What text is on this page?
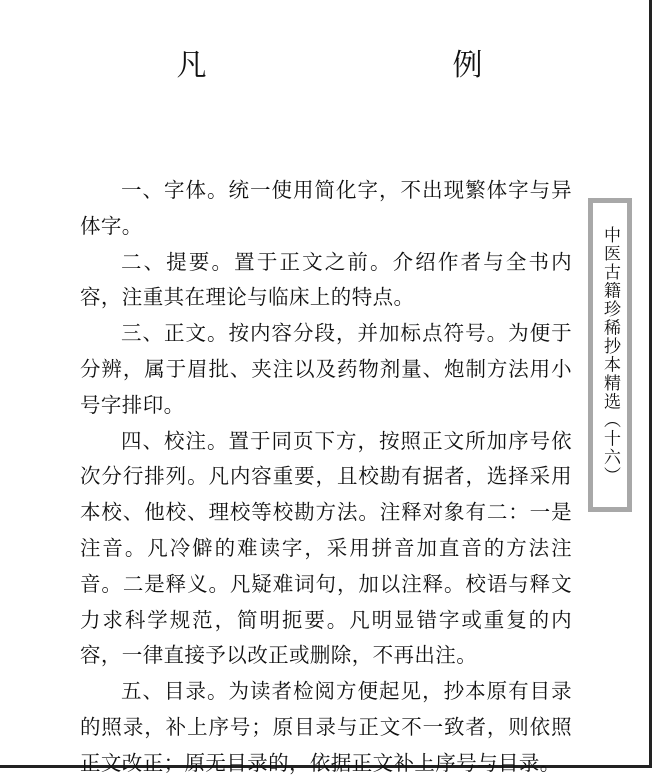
凡　　例

一、字体。统一使用简化字，不出现繁体字与异体字。

二、提要。置于正文之前。介绍作者与全书内容，注重其在理论与临床上的特点。

三、正文。按内容分段，并加标点符号。为便于分辨，属于眉批、夹注以及药物剂量、炮制方法用小号字排印。

四、校注。置于同页下方，按照正文所加序号依次分行排列。凡内容重要，且校勘有据者，选择采用本校、他校、理校等校勘方法。注释对象有二：一是注音。凡冷僻的难读字，采用拼音加直音的方法注音。二是释义。凡疑难词句，加以注释。校语与释文力求科学规范，简明扼要。凡明显错字或重复的内容，一律直接予以改正或删除，不再出注。

五、目录。为读者检阅方便起见，抄本原有目录的照录，补上序号；原目录与正文不一致者，则依照正文改正；原无目录的，依据正文补上序号与目录。

中医古籍珍稀抄本精选（十六）
